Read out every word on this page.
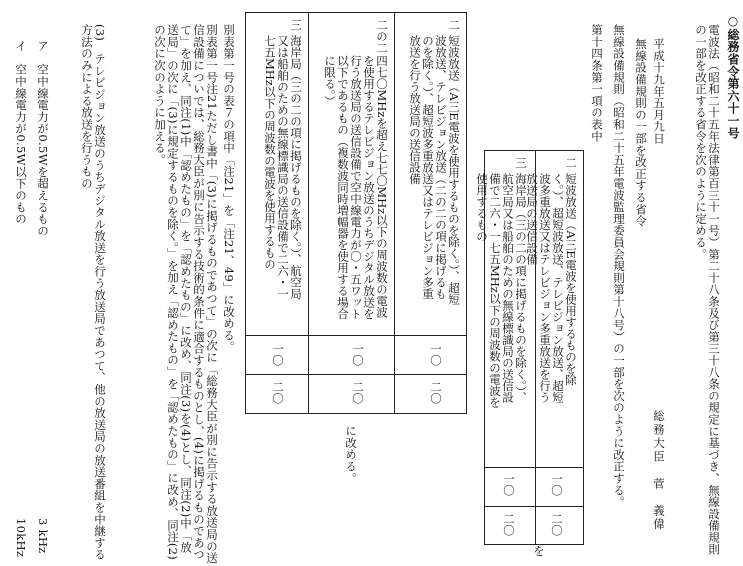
○総務省令第六十一号
電波法（昭和二十五年法律第百三十一号）第二十八条及び第三十八条の規定に基づき、無線設備規則の一部を改正する省令を次のように定める。
平成十九年五月九日
総務大臣　菅　義偉
無線設備規則の一部を改正する省令
無線設備規則（昭和二十五年電波監理委員会規則第十八号）の一部を次のように改正する。
第十四条第一項の表中
二
短波放送（A三E電波を使用するものを除く。）、超短波放送、テレビジョン放送、超短波多重放送又はテレビジョン多重放送を行う放送局の送信設備
三
海岸局（三の二の項に掲げるものを除く。）、航空局又は船舶のための無線標識局の送信設備で二六・一七五MHz以下の周波数の電波を使用するもの
一〇
二〇
一〇
二〇
を
二
短波放送（A三E電波を使用するものを除く。）、超短波放送、テレビジョン放送（二の二の項に掲げるものを除く。）、超短波多重放送又はテレビジョン多重放送を行う放送局の送信設備
二の二
四七〇MHzを超え七七〇MHz以下の周波数の電波を使用するテレビジョン放送のうちデジタル放送を行う放送局の送信設備で空中線電力が〇・五ワット以下であるもの（複数波同時増幅器を使用する場合に限る。）
三
海岸局（三の二の項に掲げるものを除く。）、航空局又は船舶のための無線標識局の送信設備で二六・一七五MHz以下の周波数の電波を使用するもの
一〇
二〇
一〇
二〇
一〇
二〇
に改める。
別表第一号の表７の項中「注21」を「注21、49」に改める。
別表第一号注21ただし書中「(3)に掲げるものであつて」の次に「総務大臣が別に告示する放送局の送信設備についでは、総務大臣が別に告示する技術的条件に適合するものとし、(4)に掲げるものであつて」を加え、同注(1)中「認めたもの」を「認めたもの」に改め、同注(3)を(4)とし、同注(2)中「放送局」の次に「(3)に規定するものを除く。」を加え「認めたもの」を「認めたもの」に改め、同注(2)の次に次のように加える。
(3)　テレビジョン放送のうちデジタル放送を行う放送局であつて、他の放送局の放送番組を中継する方法のみによる放送を行うもの
ア　空中線電力が0.5Wを超えるもの
3 kHz
イ　空中線電力が0.5W以下のもの
10kHz
